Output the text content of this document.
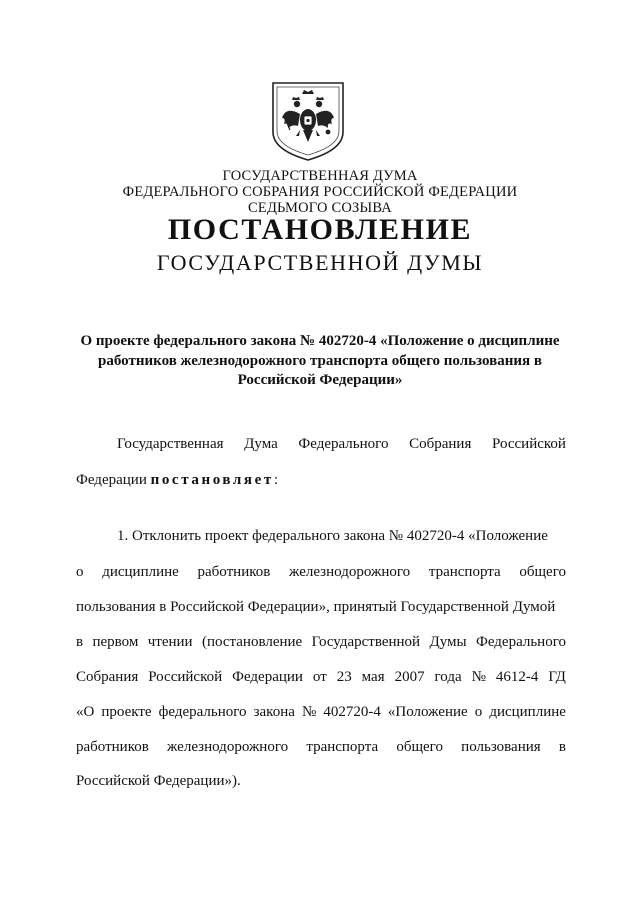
ГОСУДАРСТВЕННАЯ ДУМА
ФЕДЕРАЛЬНОГО СОБРАНИЯ РОССИЙСКОЙ ФЕДЕРАЦИИ
СЕДЬМОГО СОЗЫВА
ПОСТАНОВЛЕНИЕ
ГОСУДАРСТВЕННОЙ ДУМЫ
О проекте федерального закона № 402720-4 «Положение о дисциплине
работников железнодорожного транспорта общего пользования в
Российской Федерации»
Государственная Дума Федерального Собрания Российской
Федерации постановляет:
1. Отклонить проект федерального закона № 402720-4 «Положение
о дисциплине работников железнодорожного транспорта общего
пользования в Российской Федерации», принятый Государственной Думой
в первом чтении (постановление Государственной Думы Федерального
Собрания Российской Федерации от 23 мая 2007 года № 4612-4 ГД
«О проекте федерального закона № 402720-4 «Положение о дисциплине
работников железнодорожного транспорта общего пользования в
Российской Федерации»).
